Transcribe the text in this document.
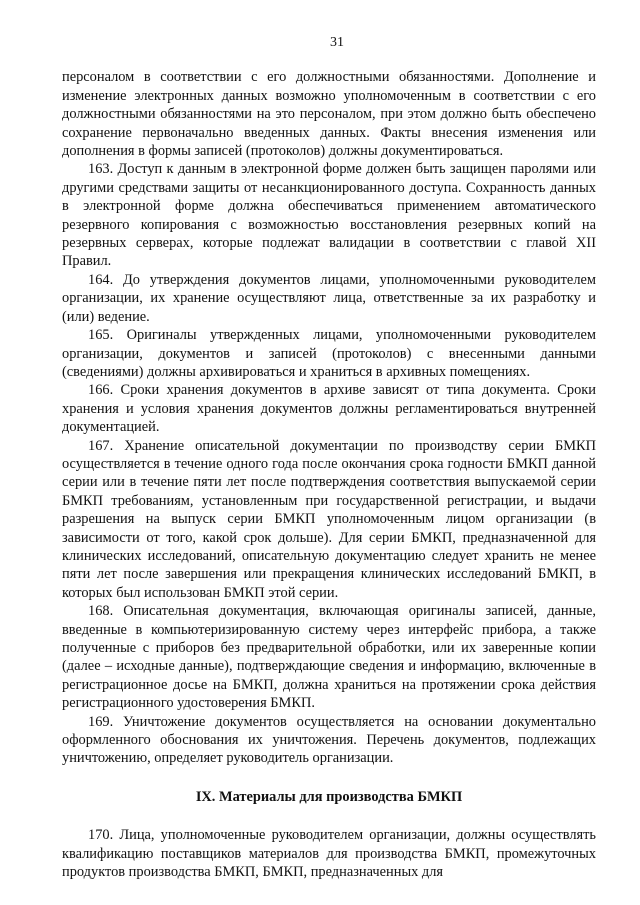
31

персоналом в соответствии с его должностными обязанностями. Дополнение и изменение электронных данных возможно уполномоченным в соответствии с его должностными обязанностями на это персоналом, при этом должно быть обеспечено сохранение первоначально введенных данных. Факты внесения изменения или дополнения в формы записей (протоколов) должны документироваться.

163. Доступ к данным в электронной форме должен быть защищен паролями или другими средствами защиты от несанкционированного доступа. Сохранность данных в электронной форме должна обеспечиваться применением автоматического резервного копирования с возможностью восстановления резервных копий на резервных серверах, которые подлежат валидации в соответствии с главой XII Правил.

164. До утверждения документов лицами, уполномоченными руководителем организации, их хранение осуществляют лица, ответственные за их разработку и (или) ведение.

165. Оригиналы утвержденных лицами, уполномоченными руководителем организации, документов и записей (протоколов) с внесенными данными (сведениями) должны архивироваться и храниться в архивных помещениях.

166. Сроки хранения документов в архиве зависят от типа документа. Сроки хранения и условия хранения документов должны регламентироваться внутренней документацией.

167. Хранение описательной документации по производству серии БМКП осуществляется в течение одного года после окончания срока годности БМКП данной серии или в течение пяти лет после подтверждения соответствия выпускаемой серии БМКП требованиям, установленным при государственной регистрации, и выдачи разрешения на выпуск серии БМКП уполномоченным лицом организации (в зависимости от того, какой срок дольше). Для серии БМКП, предназначенной для клинических исследований, описательную документацию следует хранить не менее пяти лет после завершения или прекращения клинических исследований БМКП, в которых был использован БМКП этой серии.

168. Описательная документация, включающая оригиналы записей, данные, введенные в компьютеризированную систему через интерфейс прибора, а также полученные с приборов без предварительной обработки, или их заверенные копии (далее – исходные данные), подтверждающие сведения и информацию, включенные в регистрационное досье на БМКП, должна храниться на протяжении срока действия регистрационного удостоверения БМКП.

169. Уничтожение документов осуществляется на основании документально оформленного обоснования их уничтожения. Перечень документов, подлежащих уничтожению, определяет руководитель организации.

IX. Материалы для производства БМКП

170. Лица, уполномоченные руководителем организации, должны осуществлять квалификацию поставщиков материалов для производства БМКП, промежуточных продуктов производства БМКП, БМКП, предназначенных для
